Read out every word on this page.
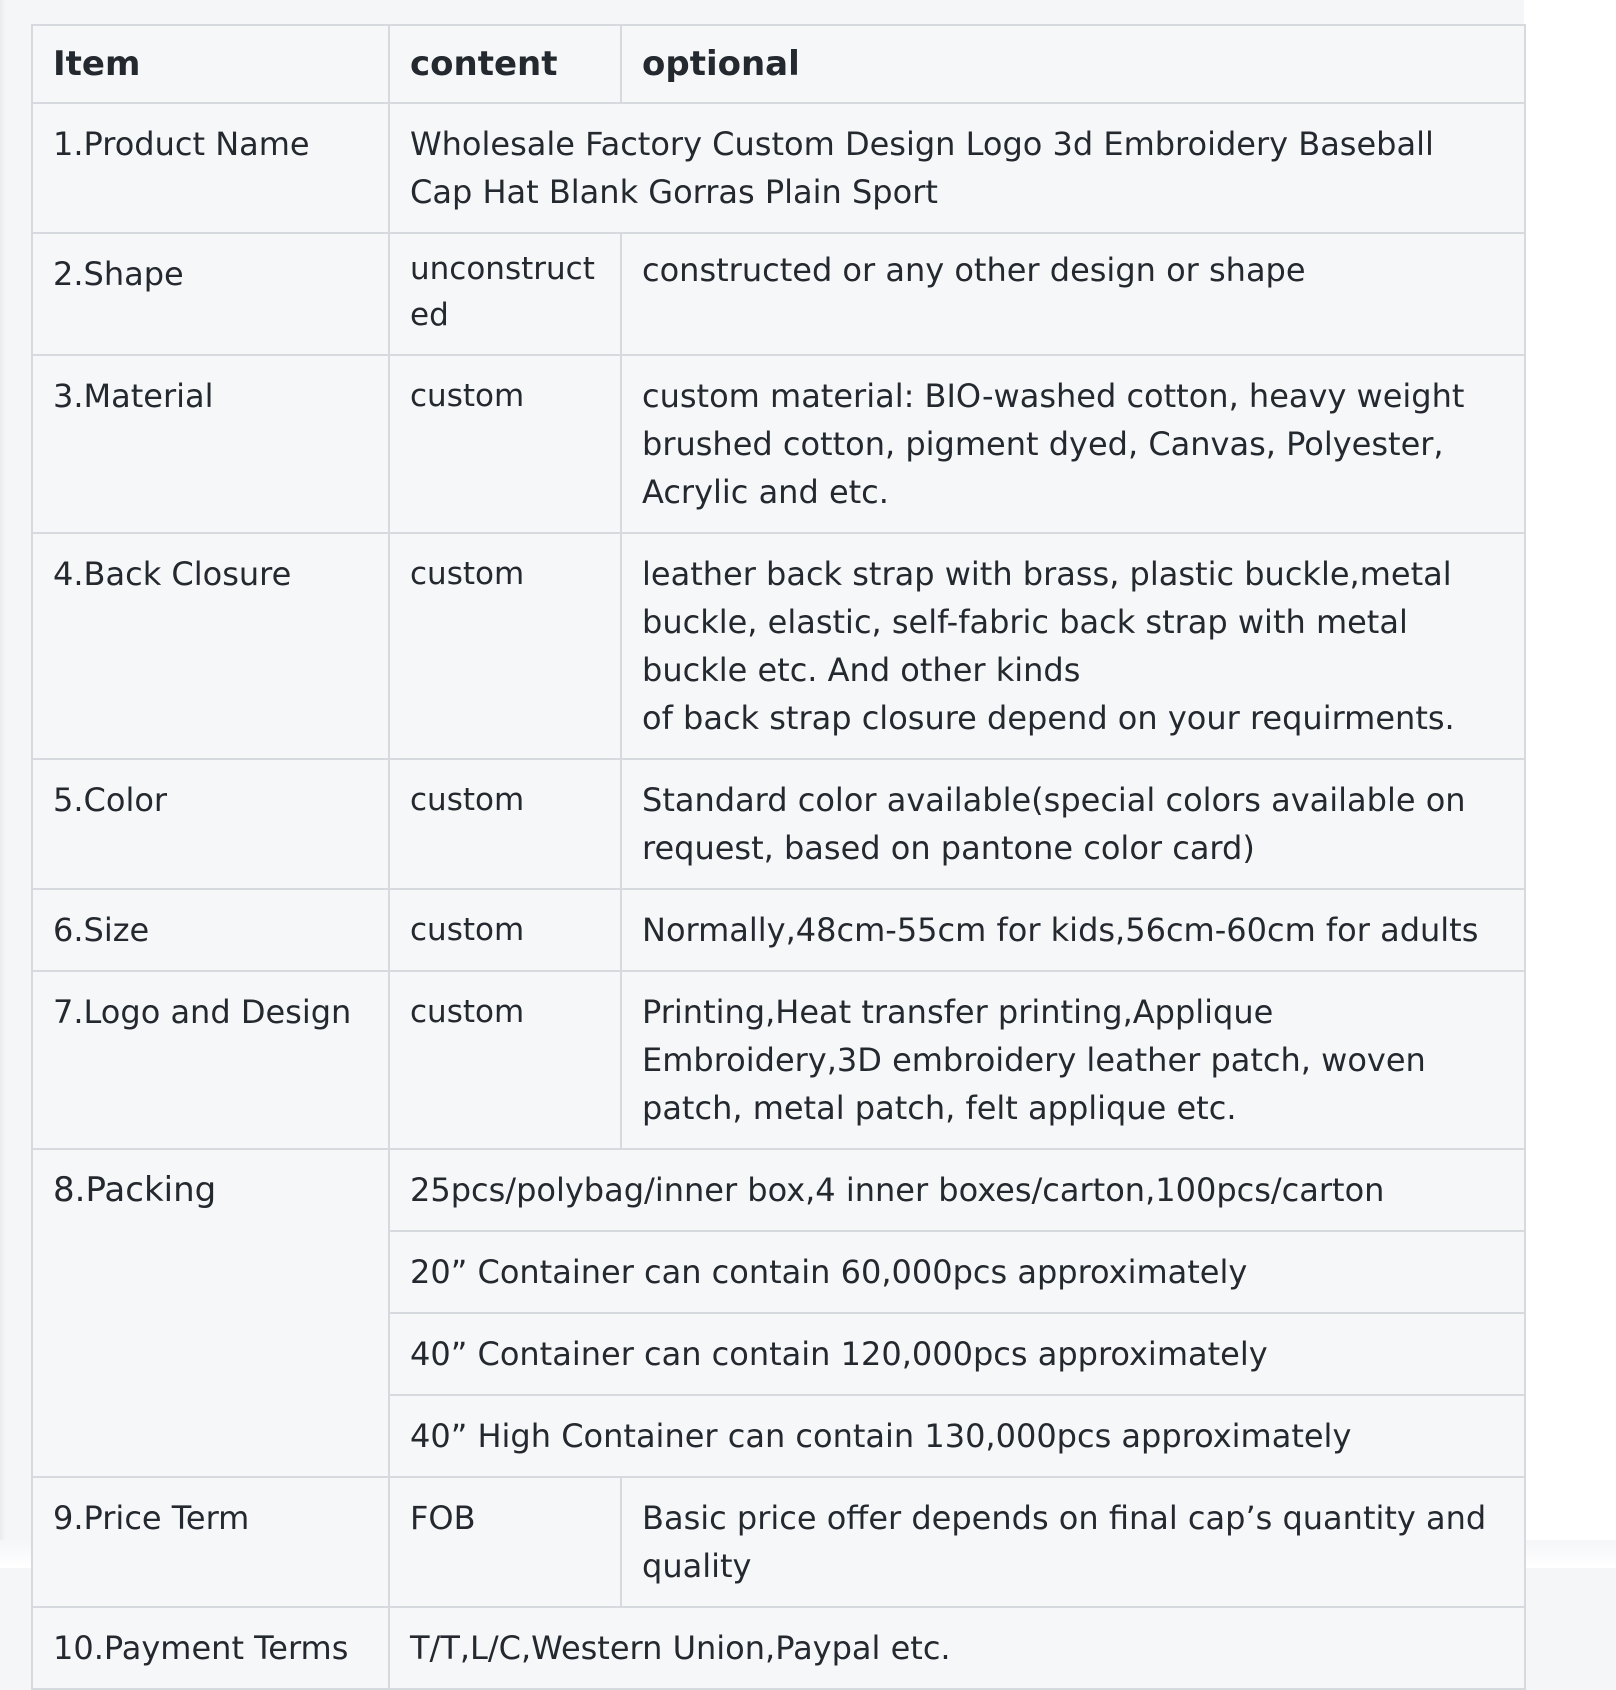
Item	content	optional
1.Product Name	Wholesale Factory Custom Design Logo 3d Embroidery Baseball Cap Hat Blank Gorras Plain Sport	
2.Shape	unconstructed	constructed or any other design or shape
3.Material	custom	custom material: BIO-washed cotton, heavy weight brushed cotton, pigment dyed, Canvas, Polyester, Acrylic and etc.
4.Back Closure	custom	leather back strap with brass, plastic buckle,metal buckle, elastic, self-fabric back strap with metal buckle etc. And other kinds
of back strap closure depend on your requirments.

5.Color	custom	Standard color available(special colors available on request, based on pantone color card)
6.Size	custom	Normally,48cm-55cm for kids,56cm-60cm for adults
7.Logo and Design	custom	Printing,Heat transfer printing,Applique Embroidery,3D embroidery leather patch, woven patch, metal patch, felt applique etc.
8.Packing	25pcs/polybag/inner box,4 inner boxes/carton,100pcs/carton	
	20” Container can contain 60,000pcs approximately	
	40” Container can contain 120,000pcs approximately	
	40” High Container can contain 130,000pcs approximately	
9.Price Term	FOB	Basic price offer depends on final cap’s quantity and quality
10.Payment Terms	T/T,L/C,Western Union,Paypal etc.	
